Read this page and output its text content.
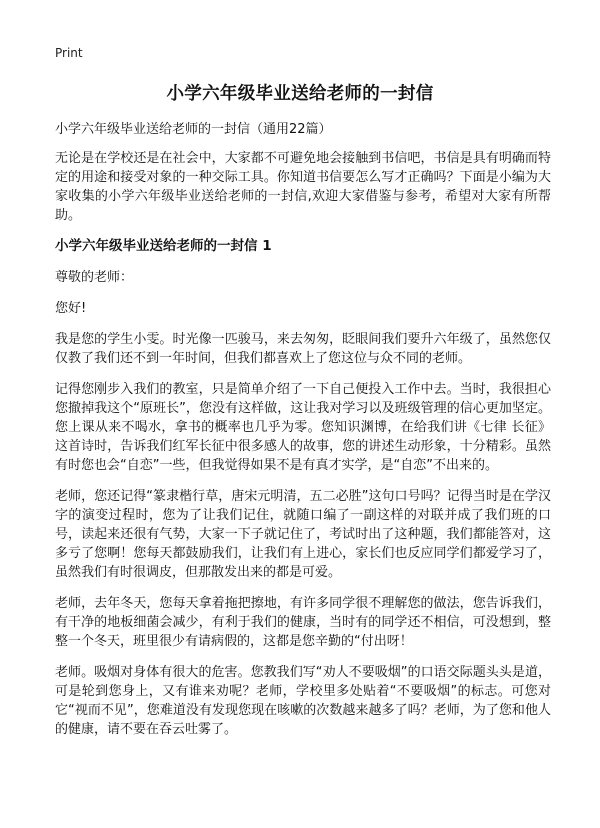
Print
小学六年级毕业送给老师的一封信
小学六年级毕业送给老师的一封信（通用22篇）

无论是在学校还是在社会中，大家都不可避免地会接触到书信吧，书信是具有明确而特定的用途和接受对象的一种交际工具。你知道书信要怎么写才正确吗？下面是小编为大家收集的小学六年级毕业送给老师的一封信,欢迎大家借鉴与参考，希望对大家有所帮助。

小学六年级毕业送给老师的一封信 1
尊敬的老师：
您好!

我是您的学生小雯。时光像一匹骏马，来去匆匆，眨眼间我们要升六年级了，虽然您仅仅教了我们还不到一年时间，但我们都喜欢上了您这位与众不同的老师。

记得您刚步入我们的教室，只是简单介绍了一下自己便投入工作中去。当时，我很担心您撤掉我这个“原班长”，您没有这样做，这让我对学习以及班级管理的信心更加坚定。您上课从来不喝水，拿书的概率也几乎为零。您知识渊博，在给我们讲《七律 长征》这首诗时，告诉我们红军长征中很多感人的故事，您的讲述生动形象，十分精彩。虽然有时您也会“自恋”一些，但我觉得如果不是有真才实学，是“自恋”不出来的。

老师，您还记得“篆隶楷行草，唐宋元明清，五二必胜”这句口号吗？记得当时是在学汉字的演变过程时，您为了让我们记住，就随口编了一副这样的对联并成了我们班的口号，读起来还很有气势，大家一下子就记住了，考试时出了这种题，我们都能答对，这多亏了您啊！您每天都鼓励我们，让我们有上进心，家长们也反应同学们都爱学习了，虽然我们有时很调皮，但那散发出来的都是可爱。

老师，去年冬天，您每天拿着拖把擦地，有许多同学很不理解您的做法，您告诉我们，有干净的地板细菌会减少，有利于我们的健康，当时有的同学还不相信，可没想到，整整一个冬天，班里很少有请病假的，这都是您辛勤的“付出呀！

老师。吸烟对身体有很大的危害。您教我们写“劝人不要吸烟”的口语交际题头头是道，可是轮到您身上，又有谁来劝呢？老师，学校里多处贴着“不要吸烟”的标志。可您对它“视而不见”，您难道没有发现您现在咳嗽的次数越来越多了吗？老师，为了您和他人的健康，请不要在吞云吐雾了。
